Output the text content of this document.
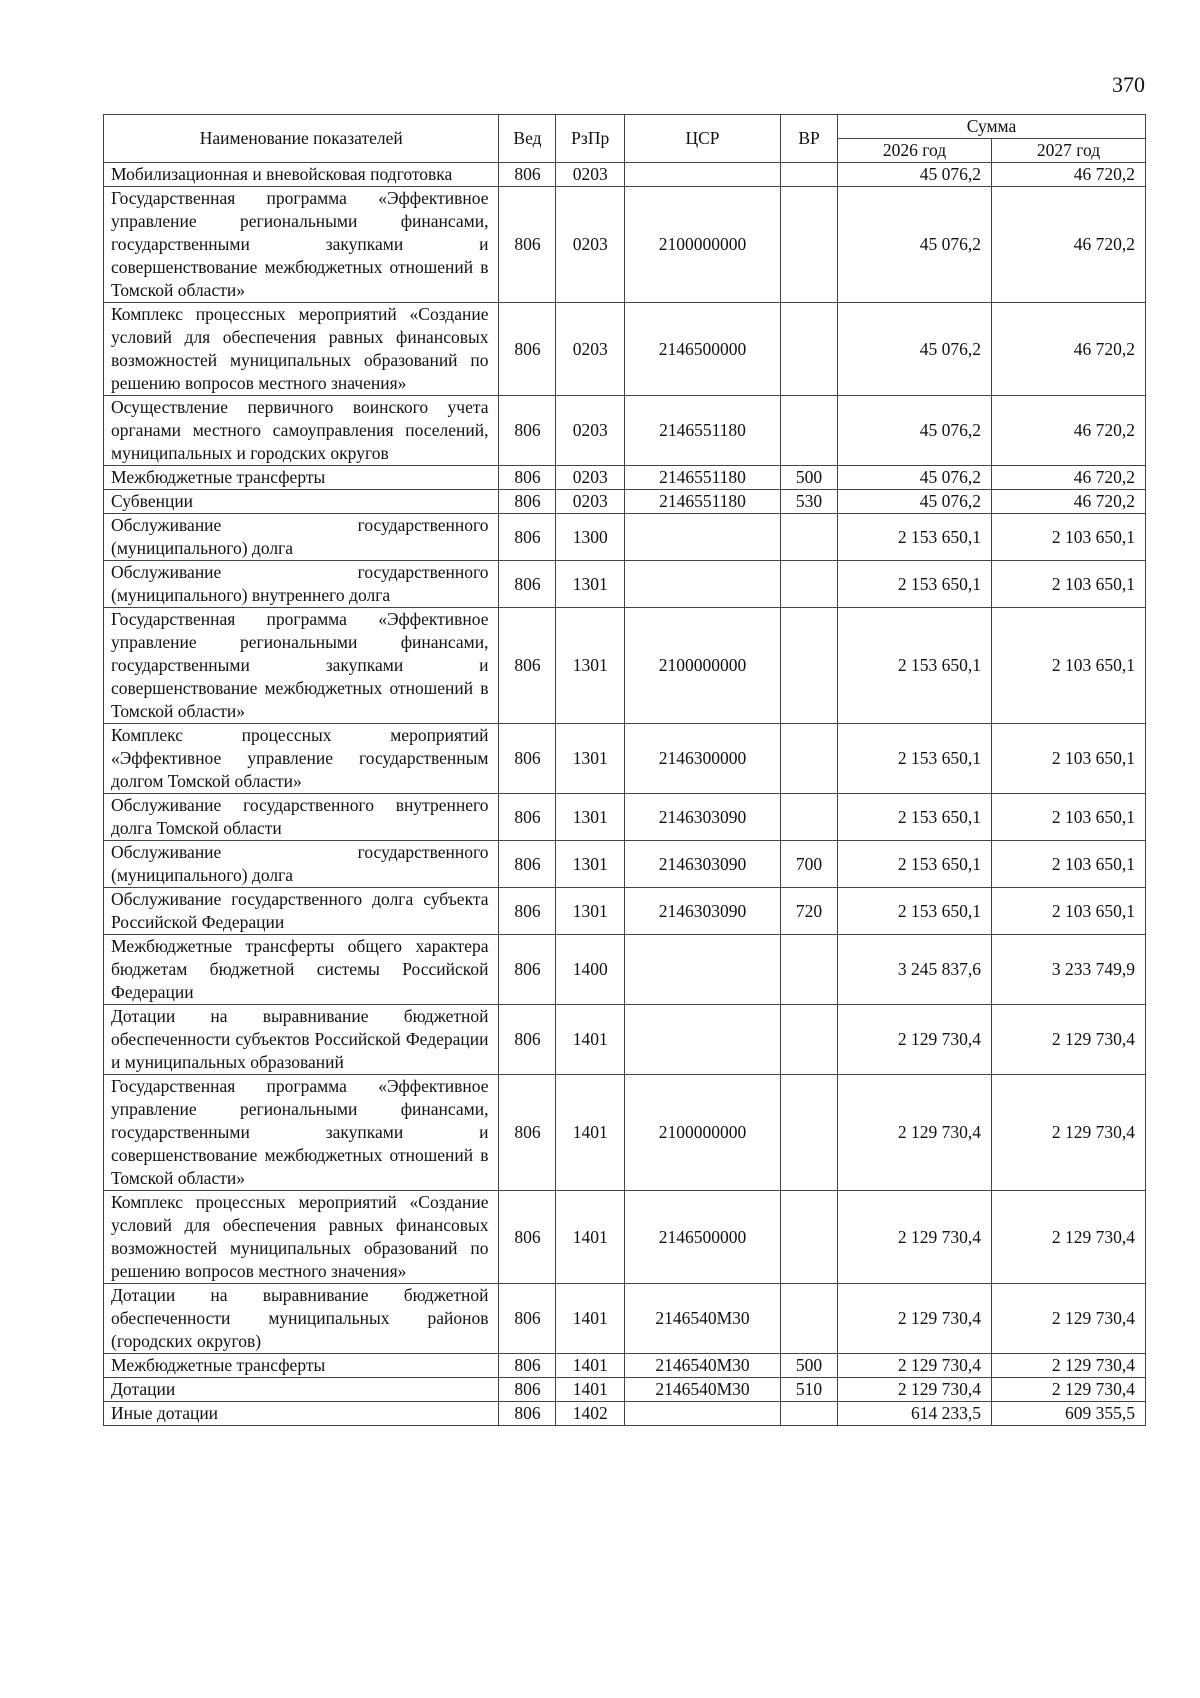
370
Наименование показателей	Вед	РзПр	ЦСР	ВР	Сумма	
					2026 год	2027 год
Мобилизационная и вневойсковая подготовка	806	0203			45 076,2	46 720,2
Государственная программа «Эффективное управление региональными финансами, государственными закупками и совершенствование межбюджетных отношений в Томской области»	806	0203	2100000000		45 076,2	46 720,2
Комплекс процессных мероприятий «Создание условий для обеспечения равных финансовых возможностей муниципальных образований по решению вопросов местного значения»	806	0203	2146500000		45 076,2	46 720,2
Осуществление первичного воинского учета органами местного самоуправления поселений, муниципальных и городских округов	806	0203	2146551180		45 076,2	46 720,2
Межбюджетные трансферты	806	0203	2146551180	500	45 076,2	46 720,2
Субвенции	806	0203	2146551180	530	45 076,2	46 720,2
Обслуживание государственного (муниципального) долга	806	1300			2 153 650,1	2 103 650,1
Обслуживание государственного (муниципального) внутреннего долга	806	1301			2 153 650,1	2 103 650,1
Государственная программа «Эффективное управление региональными финансами, государственными закупками и совершенствование межбюджетных отношений в Томской области»	806	1301	2100000000		2 153 650,1	2 103 650,1
Комплекс процессных мероприятий «Эффективное управление государственным долгом Томской области»	806	1301	2146300000		2 153 650,1	2 103 650,1
Обслуживание государственного внутреннего долга Томской области	806	1301	2146303090		2 153 650,1	2 103 650,1
Обслуживание государственного (муниципального) долга	806	1301	2146303090	700	2 153 650,1	2 103 650,1
Обслуживание государственного долга субъекта Российской Федерации	806	1301	2146303090	720	2 153 650,1	2 103 650,1
Межбюджетные трансферты общего характера бюджетам бюджетной системы Российской Федерации	806	1400			3 245 837,6	3 233 749,9
Дотации на выравнивание бюджетной обеспеченности субъектов Российской Федерации и муниципальных образований	806	1401			2 129 730,4	2 129 730,4
Государственная программа «Эффективное управление региональными финансами, государственными закупками и совершенствование межбюджетных отношений в Томской области»	806	1401	2100000000		2 129 730,4	2 129 730,4
Комплекс процессных мероприятий «Создание условий для обеспечения равных финансовых возможностей муниципальных образований по решению вопросов местного значения»	806	1401	2146500000		2 129 730,4	2 129 730,4
Дотации на выравнивание бюджетной обеспеченности муниципальных районов (городских округов)	806	1401	2146540М30		2 129 730,4	2 129 730,4
Межбюджетные трансферты	806	1401	2146540М30	500	2 129 730,4	2 129 730,4
Дотации	806	1401	2146540М30	510	2 129 730,4	2 129 730,4
Иные дотации	806	1402			614 233,5	609 355,5
